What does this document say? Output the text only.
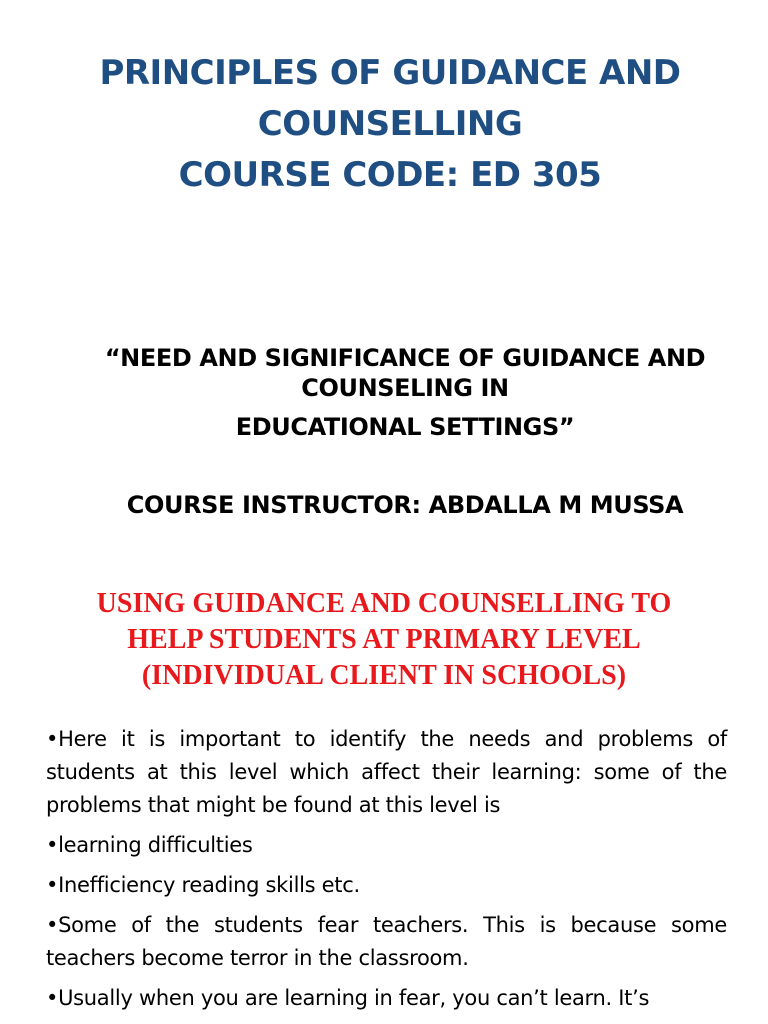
PRINCIPLES OF GUIDANCE AND
COUNSELLING
COURSE CODE: ED 305
“NEED AND SIGNIFICANCE OF GUIDANCE AND
COUNSELING IN
EDUCATIONAL SETTINGS”
COURSE INSTRUCTOR: ABDALLA M MUSSA
USING GUIDANCE AND COUNSELLING TO
HELP STUDENTS AT PRIMARY LEVEL
(INDIVIDUAL CLIENT IN SCHOOLS)

•Here it is important to identify the needs and problems of students at this level which affect their learning: some of the problems that might be found at this level is

•learning difficulties

•Inefficiency reading skills etc.

•Some of the students fear teachers. This is because some teachers become terror in the classroom.

•Usually when you are learning in fear, you can’t learn. It’s
